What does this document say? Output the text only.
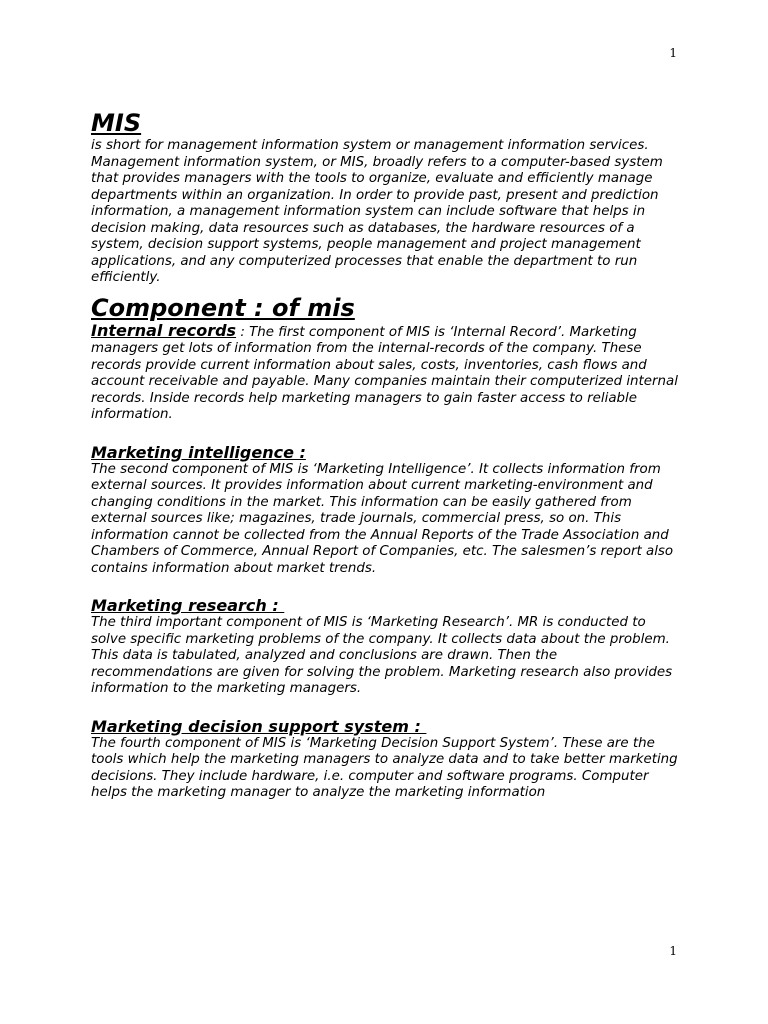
1
MIS

is short for management information system or management information services.

Management information system, or MIS, broadly refers to a computer-based system that provides managers with the tools to organize, evaluate and efficiently manage departments within an organization. In order to provide past, present and prediction information, a management information system can include software that helps in decision making, data resources such as databases, the hardware resources of a system, decision support systems, people management and project management applications, and any computerized processes that enable the department to run efficiently.

Component : of mis

Internal records : The first component of MIS is ‘Internal Record’. Marketing managers get lots of information from the internal-records of the company. These records provide current information about sales, costs, inventories, cash flows and account receivable and payable. Many companies maintain their computerized internal records. Inside records help marketing managers to gain faster access to reliable information.

Marketing intelligence :

The second component of MIS is ‘Marketing Intelligence’. It collects information from external sources. It provides information about current marketing-environment and changing conditions in the market. This information can be easily gathered from external sources like; magazines, trade journals, commercial press, so on. This information cannot be collected from the Annual Reports of the Trade Association and Chambers of Commerce, Annual Report of Companies, etc. The salesmen’s report also contains information about market trends.

Marketing research :

The third important component of MIS is ‘Marketing Research’. MR is conducted to solve specific marketing problems of the company. It collects data about the problem. This data is tabulated, analyzed and conclusions are drawn. Then the recommendations are given for solving the problem. Marketing research also provides information to the marketing managers.

Marketing decision support system :

The fourth component of MIS is ‘Marketing Decision Support System’. These are the tools which help the marketing managers to analyze data and to take better marketing decisions. They include hardware, i.e. computer and software programs. Computer helps the marketing manager to analyze the marketing information

1
